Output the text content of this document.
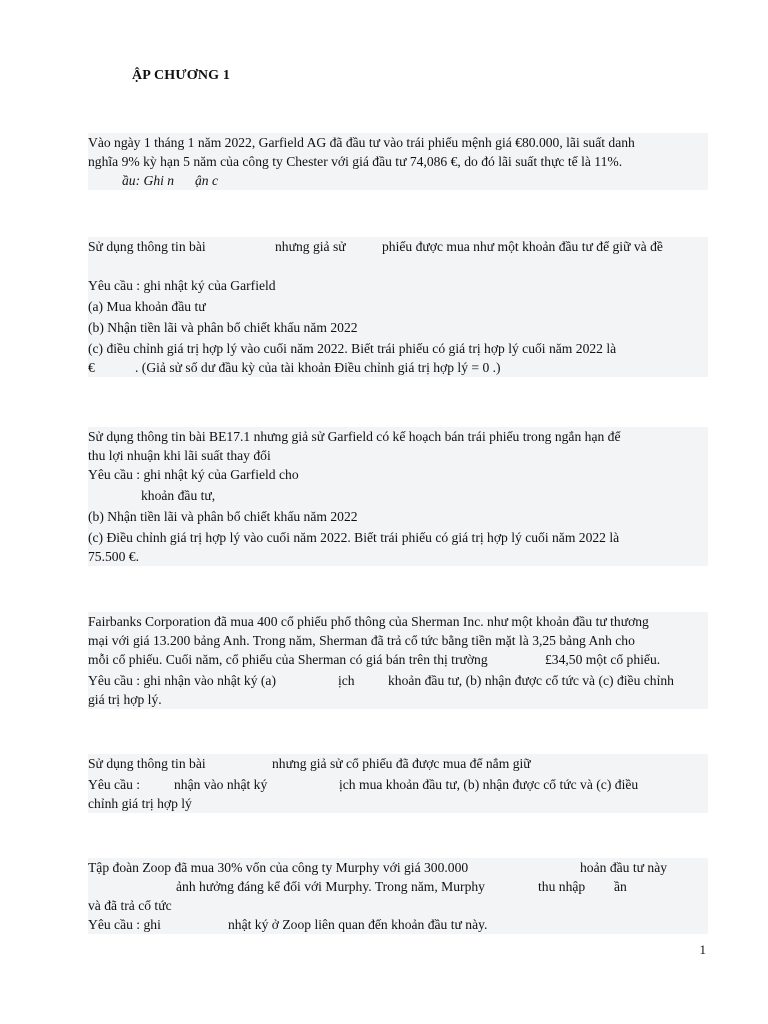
ẬP CHƯƠNG 1
Vào ngày 1 tháng 1 năm 2022, Garfield AG đã đầu tư vào trái phiếu mệnh giá €80.000, lãi suất danh
nghĩa 9% kỳ hạn 5 năm của công ty Chester với giá đầu tư 74,086 €, do đó lãi suất thực tế là 11%.
ầu: Ghi n ận c
Sử dụng thông tin bài	nhưng giả sử	phiếu được mua như một khoản đầu tư để giữ và đề
Yêu cầu : ghi nhật ký của Garfield
(a) Mua khoản đầu tư
(b) Nhận tiền lãi và phân bổ chiết khấu năm 2022
(c) điều chỉnh giá trị hợp lý vào cuối năm 2022. Biết trái phiếu có giá trị hợp lý cuối năm 2022 là
€	. (Giả sử số dư đầu kỳ của tài khoản Điều chỉnh giá trị hợp lý = 0 .)
Sử dụng thông tin bài BE17.1 nhưng giả sử Garfield có kế hoạch bán trái phiếu trong ngắn hạn để
thu lợi nhuận khi lãi suất thay đổi
Yêu cầu : ghi nhật ký của Garfield cho
khoản đầu tư,
(b) Nhận tiền lãi và phân bổ chiết khấu năm 2022
(c) Điều chỉnh giá trị hợp lý vào cuối năm 2022. Biết trái phiếu có giá trị hợp lý cuối năm 2022 là
75.500 €.
Fairbanks Corporation đã mua 400 cổ phiếu phổ thông của Sherman Inc. như một khoản đầu tư thương
mại với giá 13.200 bảng Anh. Trong năm, Sherman đã trả cổ tức bằng tiền mặt là 3,25 bảng Anh cho
mỗi cổ phiếu. Cuối năm, cổ phiếu của Sherman có giá bán trên thị trường	£34,50 một cổ phiếu.
Yêu cầu : ghi nhận vào nhật ký (a)	ịch khoản đầu tư, (b) nhận được cổ tức và (c) điều chỉnh
giá trị hợp lý.
Sử dụng thông tin bài	nhưng giả sử cổ phiếu đã được mua để nắm giữ
Yêu cầu : nhận vào nhật ký	ịch mua khoản đầu tư, (b) nhận được cổ tức và (c) điều
chỉnh giá trị hợp lý
Tập đoàn Zoop đã mua 30% vốn của công ty Murphy với giá 300.000	hoản đầu tư này
ảnh hưởng đáng kể đối với Murphy. Trong năm, Murphy	thu nhập ần
và đã trả cổ tức
Yêu cầu : ghi	nhật ký ở Zoop liên quan đến khoản đầu tư này.
1
